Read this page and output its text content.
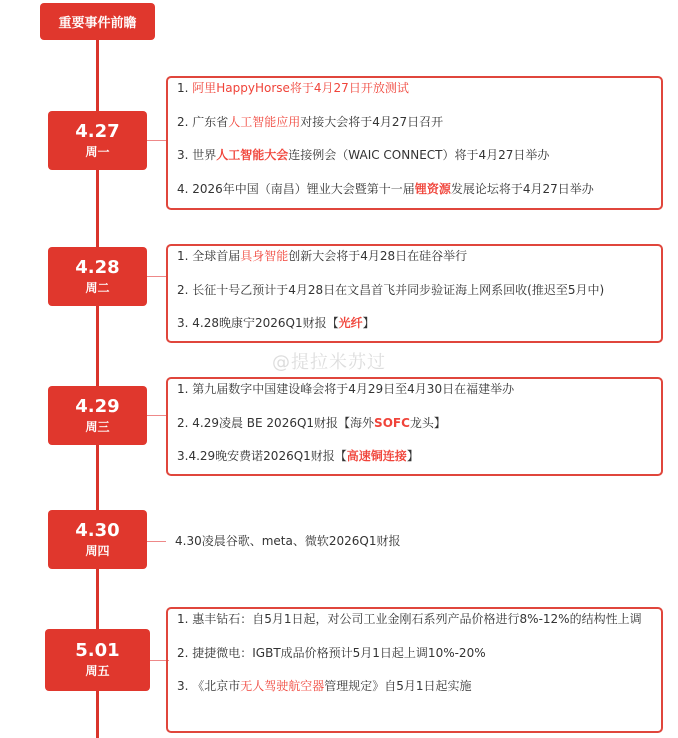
重要事件前瞻
@提拉米苏过
4.27
周一
1. 阿里HappyHorse将于4月27日开放测试
2. 广东省人工智能应用对接大会将于4月27日召开
3. 世界人工智能大会连接例会（WAIC CONNECT）将于4月27日举办
4. 2026年中国（南昌）锂业大会暨第十一届锂资源发展论坛将于4月27日举办
4.28
周二
1. 全球首届具身智能创新大会将于4月28日在硅谷举行
2. 长征十号乙预计于4月28日在文昌首飞并同步验证海上网系回收(推迟至5月中)
3. 4.28晚康宁2026Q1财报【光纤】
4.29
周三
1. 第九届数字中国建设峰会将于4月29日至4月30日在福建举办
2. 4.29凌晨 BE 2026Q1财报【海外SOFC龙头】
3.4.29晚安费诺2026Q1财报【高速铜连接】
4.30
周四
4.30凌晨谷歌、meta、微软2026Q1财报
5.01
周五
1. 惠丰钻石：自5月1日起，对公司工业金刚石系列产品价格进行8%-12%的结构性上调
2. 捷捷微电：IGBT成品价格预计5月1日起上调10%-20%
3. 《北京市无人驾驶航空器管理规定》自5月1日起实施
